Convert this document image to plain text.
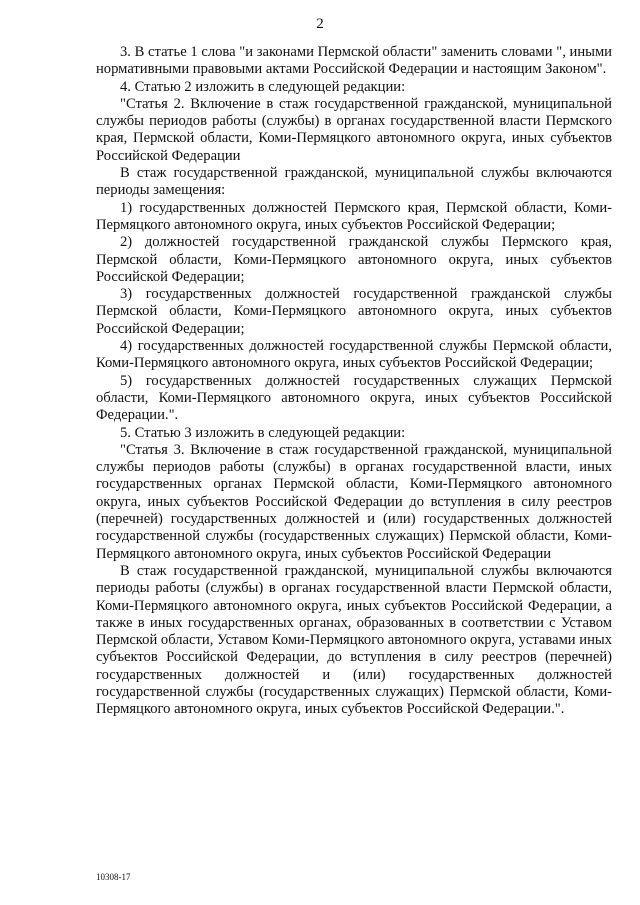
2

3. В статье 1 слова "и законами Пермской области" заменить словами ", иными нормативными правовыми актами Российской Федерации и настоящим Законом".

4. Статью 2 изложить в следующей редакции:

"Статья 2. Включение в стаж государственной гражданской, муниципальной службы периодов работы (службы) в органах государственной власти Пермского края, Пермской области, Коми-Пермяцкого автономного округа, иных субъектов Российской Федерации

В стаж государственной гражданской, муниципальной службы включаются периоды замещения:

1) государственных должностей Пермского края, Пермской области, Коми-Пермяцкого автономного округа, иных субъектов Российской Федерации;

2) должностей государственной гражданской службы Пермского края, Пермской области, Коми-Пермяцкого автономного округа, иных субъектов Российской Федерации;

3) государственных должностей государственной гражданской службы Пермской области, Коми-Пермяцкого автономного округа, иных субъектов Российской Федерации;

4) государственных должностей государственной службы Пермской области, Коми-Пермяцкого автономного округа, иных субъектов Российской Федерации;

5) государственных должностей государственных служащих Пермской области, Коми-Пермяцкого автономного округа, иных субъектов Российской Федерации.".

5. Статью 3 изложить в следующей редакции:

"Статья 3. Включение в стаж государственной гражданской, муниципальной службы периодов работы (службы) в органах государственной власти, иных государственных органах Пермской области, Коми-Пермяцкого автономного округа, иных субъектов Российской Федерации до вступления в силу реестров (перечней) государственных должностей и (или) государственных должностей государственной службы (государственных служащих) Пермской области, Коми-Пермяцкого автономного округа, иных субъектов Российской Федерации

В стаж государственной гражданской, муниципальной службы включаются периоды работы (службы) в органах государственной власти Пермской области, Коми-Пермяцкого автономного округа, иных субъектов Российской Федерации, а также в иных государственных органах, образованных в соответствии с Уставом Пермской области, Уставом Коми-Пермяцкого автономного округа, уставами иных субъектов Российской Федерации, до вступления в силу реестров (перечней) государственных должностей и (или) государственных должностей государственной службы (государственных служащих) Пермской области, Коми-Пермяцкого автономного округа, иных субъектов Российской Федерации.".

10308-17
